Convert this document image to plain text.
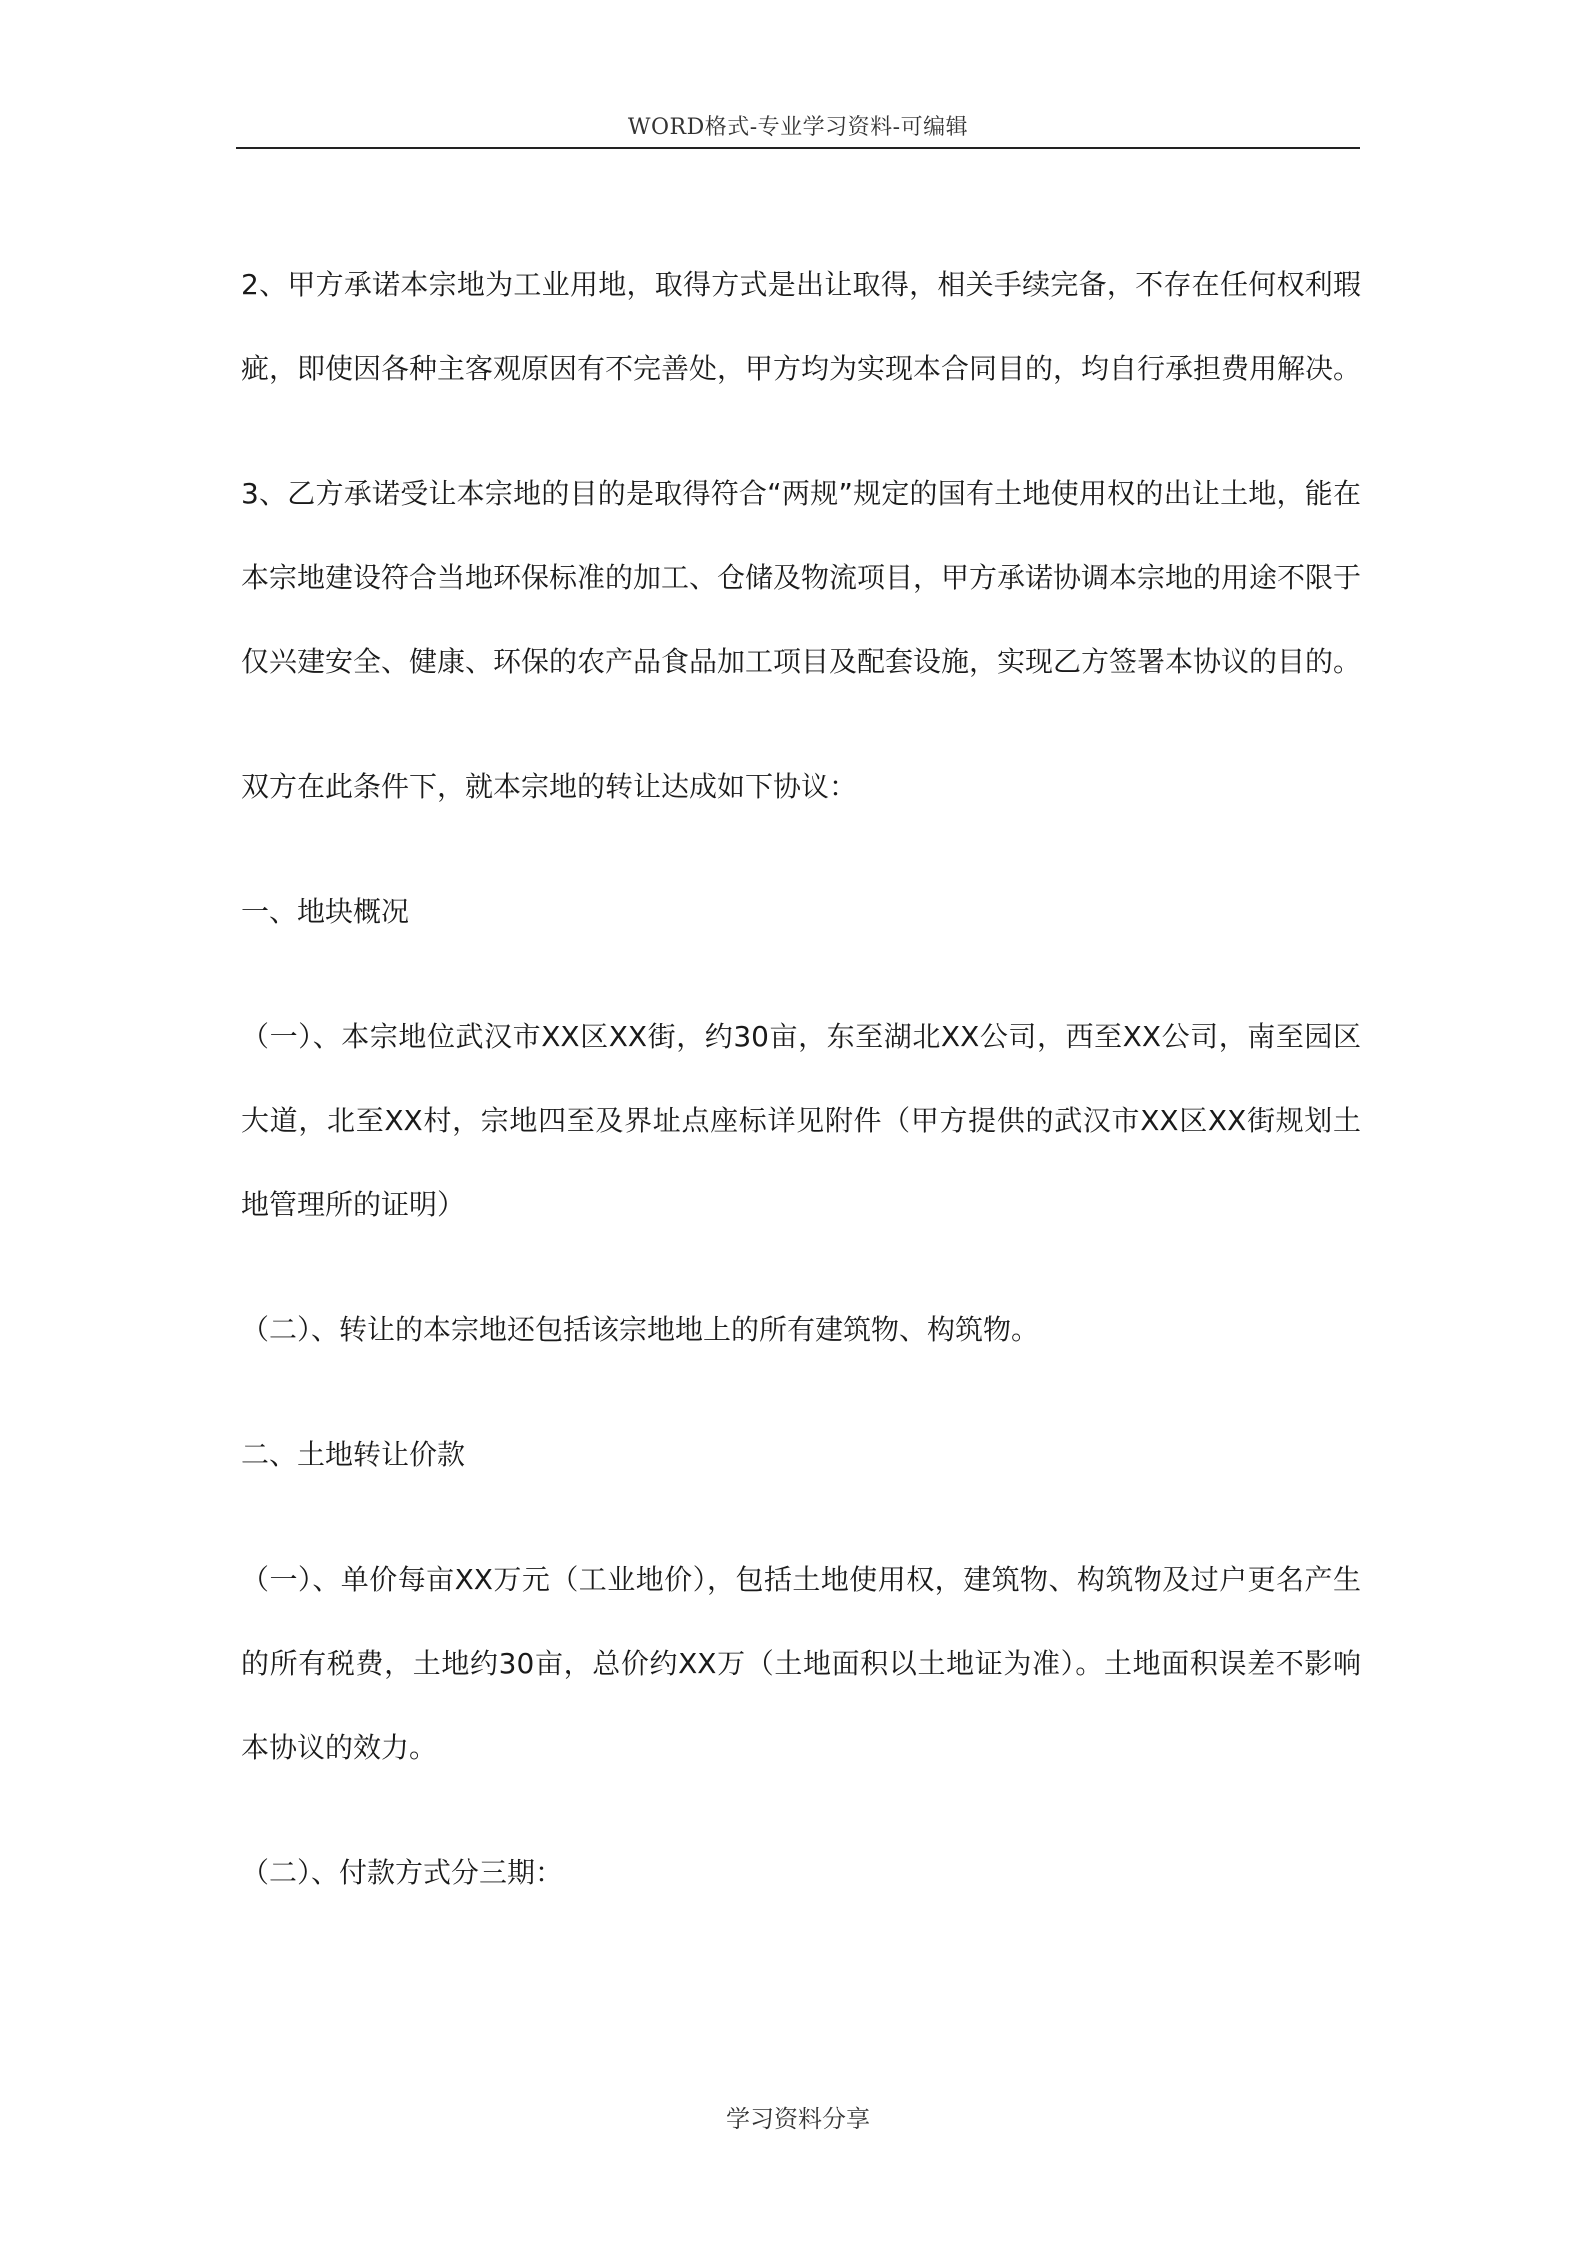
WORD格式-专业学习资料-可编辑

2、甲方承诺本宗地为工业用地，取得方式是出让取得，相关手续完备，不存在任何权利瑕疵，即使因各种主客观原因有不完善处，甲方均为实现本合同目的，均自行承担费用解决。

3、乙方承诺受让本宗地的目的是取得符合“两规”规定的国有土地使用权的出让土地，能在本宗地建设符合当地环保标准的加工、仓储及物流项目，甲方承诺协调本宗地的用途不限于仅兴建安全、健康、环保的农产品食品加工项目及配套设施，实现乙方签署本协议的目的。

双方在此条件下，就本宗地的转让达成如下协议：

一、地块概况

（一）、本宗地位武汉市XX区XX街，约30亩，东至湖北XX公司，西至XX公司，南至园区大道，北至XX村，宗地四至及界址点座标详见附件（甲方提供的武汉市XX区XX街规划土地管理所的证明）

（二）、转让的本宗地还包括该宗地地上的所有建筑物、构筑物。

二、土地转让价款

（一）、单价每亩XX万元（工业地价），包括土地使用权，建筑物、构筑物及过户更名产生的所有税费，土地约30亩，总价约XX万（土地面积以土地证为准）。土地面积误差不影响本协议的效力。

（二）、付款方式分三期：

学习资料分享
